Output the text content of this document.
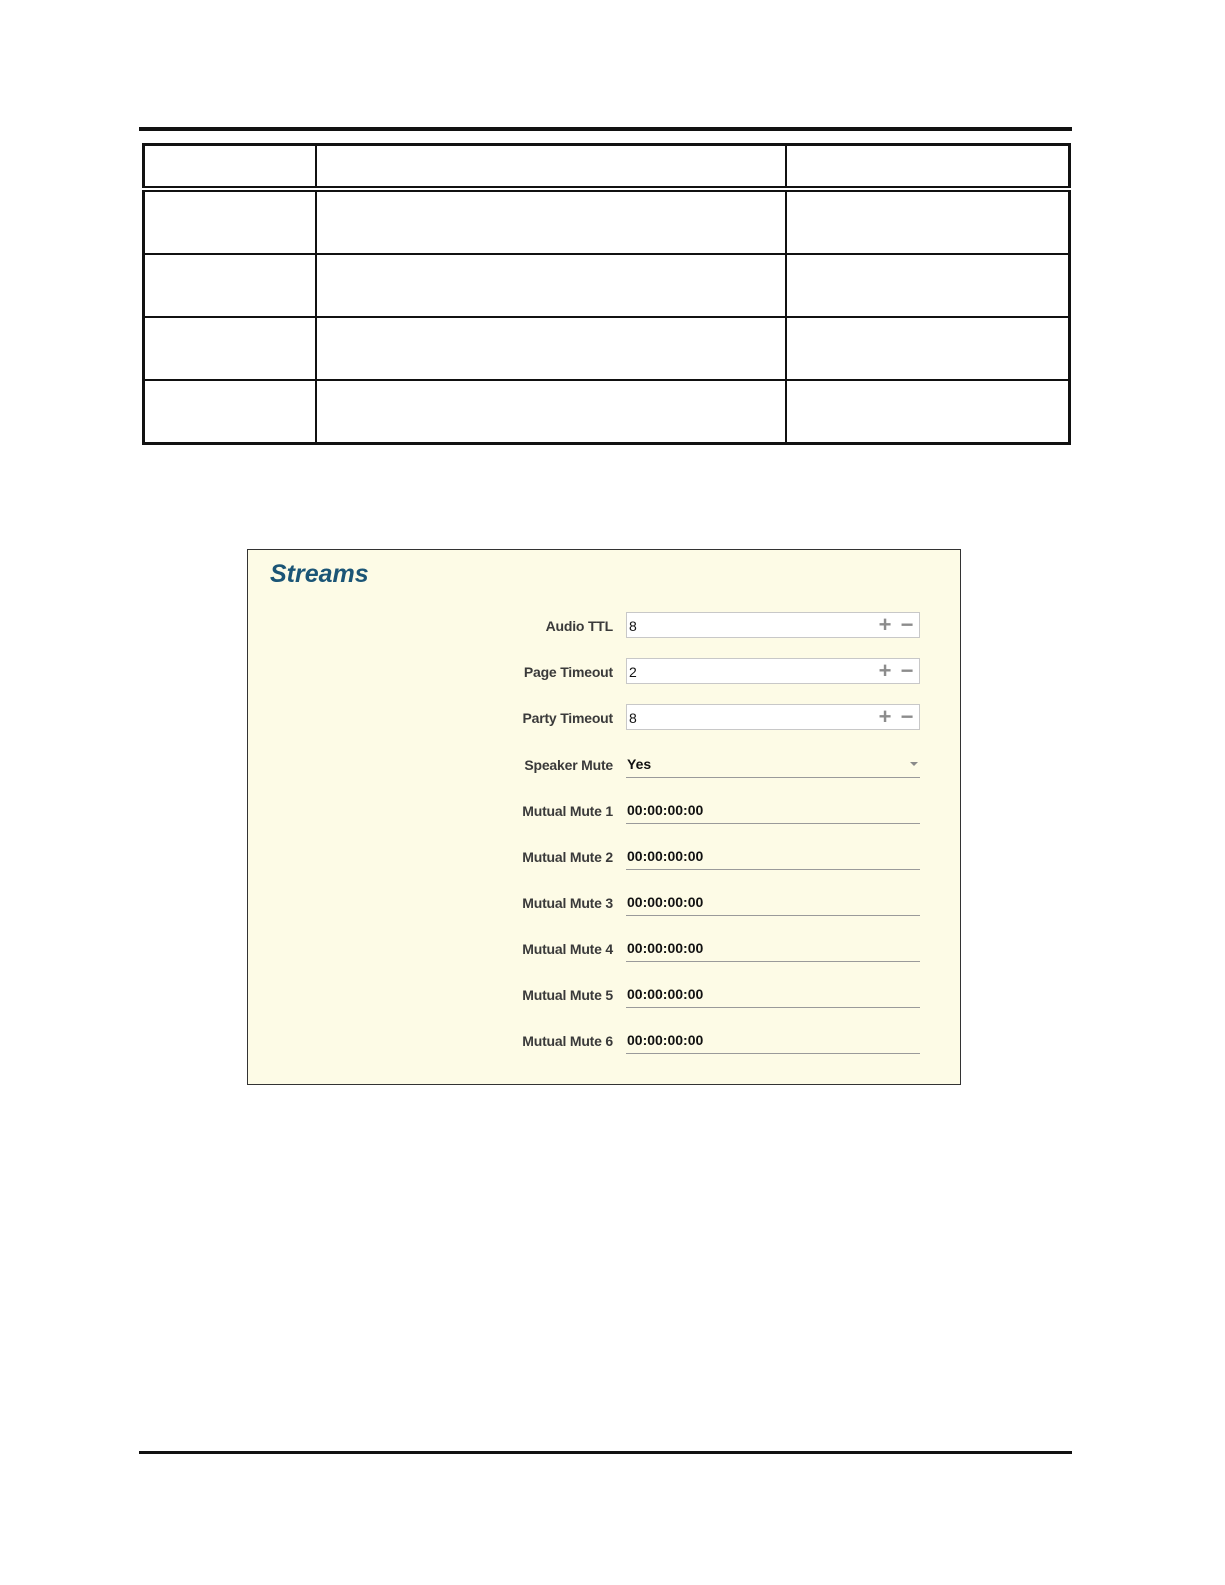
Streams
Audio TTL 8	+ −
Page Timeout 2	+ −
Party Timeout 8	+ −
Speaker Mute Yes
Mutual Mute 1 00:00:00:00
Mutual Mute 2 00:00:00:00
Mutual Mute 3 00:00:00:00
Mutual Mute 4 00:00:00:00
Mutual Mute 5 00:00:00:00
Mutual Mute 6 00:00:00:00
